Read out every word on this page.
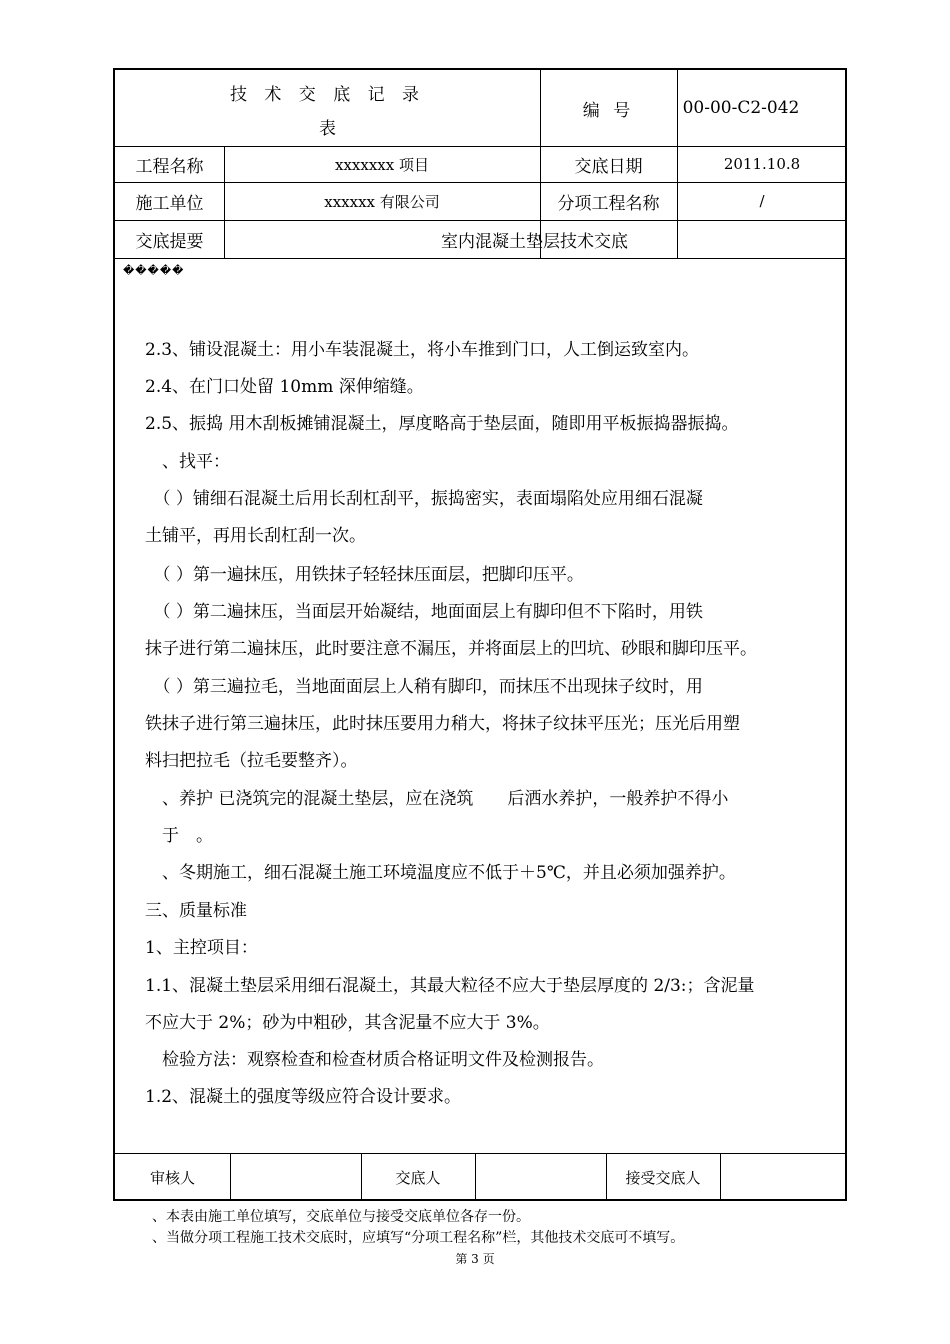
技 术 交 底 记 录
表
编 号	00-00-C2-042
工程名称	xxxxxxx 项目	交底日期	2011.10.8
施工单位	xxxxxx 有限公司	分项工程名称	/
交底提要	室内混凝土垫层技术交底
�����
2.3、铺设混凝土：用小车装混凝土，将小车推到门口，人工倒运致室内。
2.4、在门口处留 10mm 深伸缩缝。
2.5、振捣 用木刮板摊铺混凝土，厚度略高于垫层面，随即用平板振捣器振捣。
　、找平：
　（ ）铺细石混凝土后用长刮杠刮平，振捣密实，表面塌陷处应用细石混凝
土铺平，再用长刮杠刮一次。
　（ ）第一遍抹压，用铁抹子轻轻抹压面层，把脚印压平。
　（ ）第二遍抹压，当面层开始凝结，地面面层上有脚印但不下陷时，用铁
抹子进行第二遍抹压，此时要注意不漏压，并将面层上的凹坑、砂眼和脚印压平。
　（ ）第三遍拉毛，当地面面层上人稍有脚印，而抹压不出现抹子纹时，用
铁抹子进行第三遍抹压，此时抹压要用力稍大，将抹子纹抹平压光；压光后用塑
料扫把拉毛（拉毛要整齐）。
　、养护 已浇筑完的混凝土垫层，应在浇筑　　后洒水养护，一般养护不得小
　于　。
　、冬期施工，细石混凝土施工环境温度应不低于＋5℃，并且必须加强养护。
三、质量标准
1、主控项目：
1.1、混凝土垫层采用细石混凝土，其最大粒径不应大于垫层厚度的 2/3:；含泥量
不应大于 2%；砂为中粗砂，其含泥量不应大于 3%。
　检验方法：观察检查和检查材质合格证明文件及检测报告。
1.2、混凝土的强度等级应符合设计要求。
审核人	交底人	接受交底人
、本表由施工单位填写，交底单位与接受交底单位各存一份。
、当做分项工程施工技术交底时，应填写“分项工程名称”栏，其他技术交底可不填写。
第 3 页
